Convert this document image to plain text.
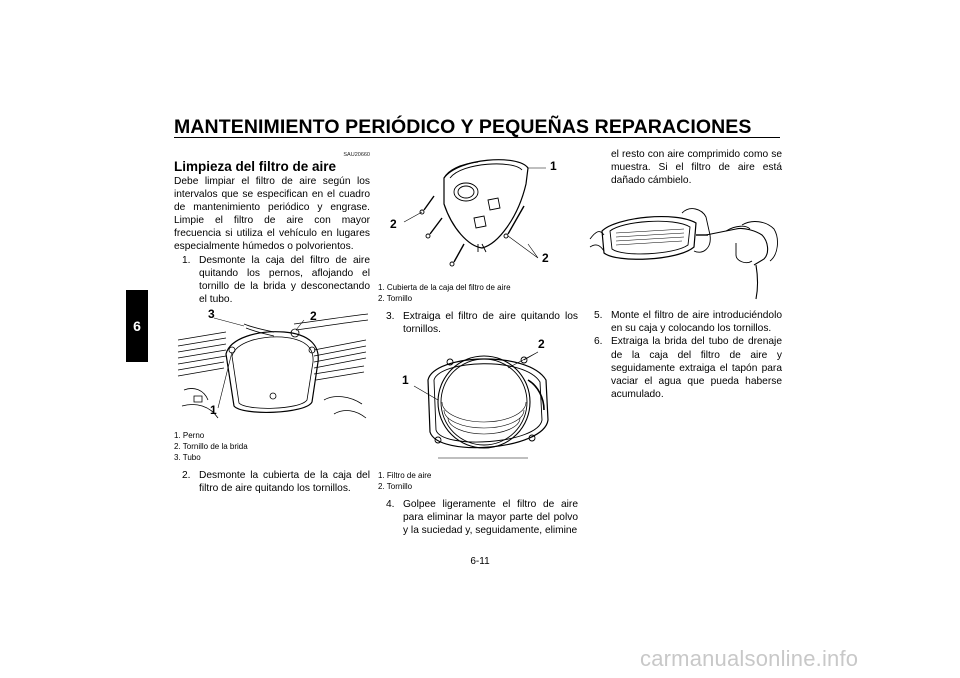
MANTENIMIENTO PERIÓDICO Y PEQUEÑAS REPARACIONES
6
SAU20660
Limpieza del filtro de aire

Debe limpiar el filtro de aire según los intervalos que se especifican en el cuadro de mantenimiento periódico y engrase. Limpie el filtro de aire con mayor frecuencia si utiliza el vehículo en lugares especialmente húmedos o polvorientos.

1. Desmonte la caja del filtro de aire quitando los pernos, aflojando el tornillo de la brida y desconectando el tubo.
3	2
1
1. Perno
2. Tornillo de la brida
3. Tubo
2. Desmonte la cubierta de la caja del filtro de aire quitando los tornillos.
1
2
2
1. Cubierta de la caja del filtro de aire
2. Tornillo
3. Extraiga el filtro de aire quitando los tornillos.
2
1
1. Filtro de aire
2. Tornillo
4. Golpee ligeramente el filtro de aire para eliminar la mayor parte del polvo y la suciedad y, seguidamente, elimine
el resto con aire comprimido como se muestra. Si el filtro de aire está dañado cámbielo.
5. Monte el filtro de aire introduciéndolo en su caja y colocando los tornillos.
6. Extraiga la brida del tubo de drenaje de la caja del filtro de aire y seguidamente extraiga el tapón para vaciar el agua que pueda haberse acumulado.
6-11
carmanualsonline.info
